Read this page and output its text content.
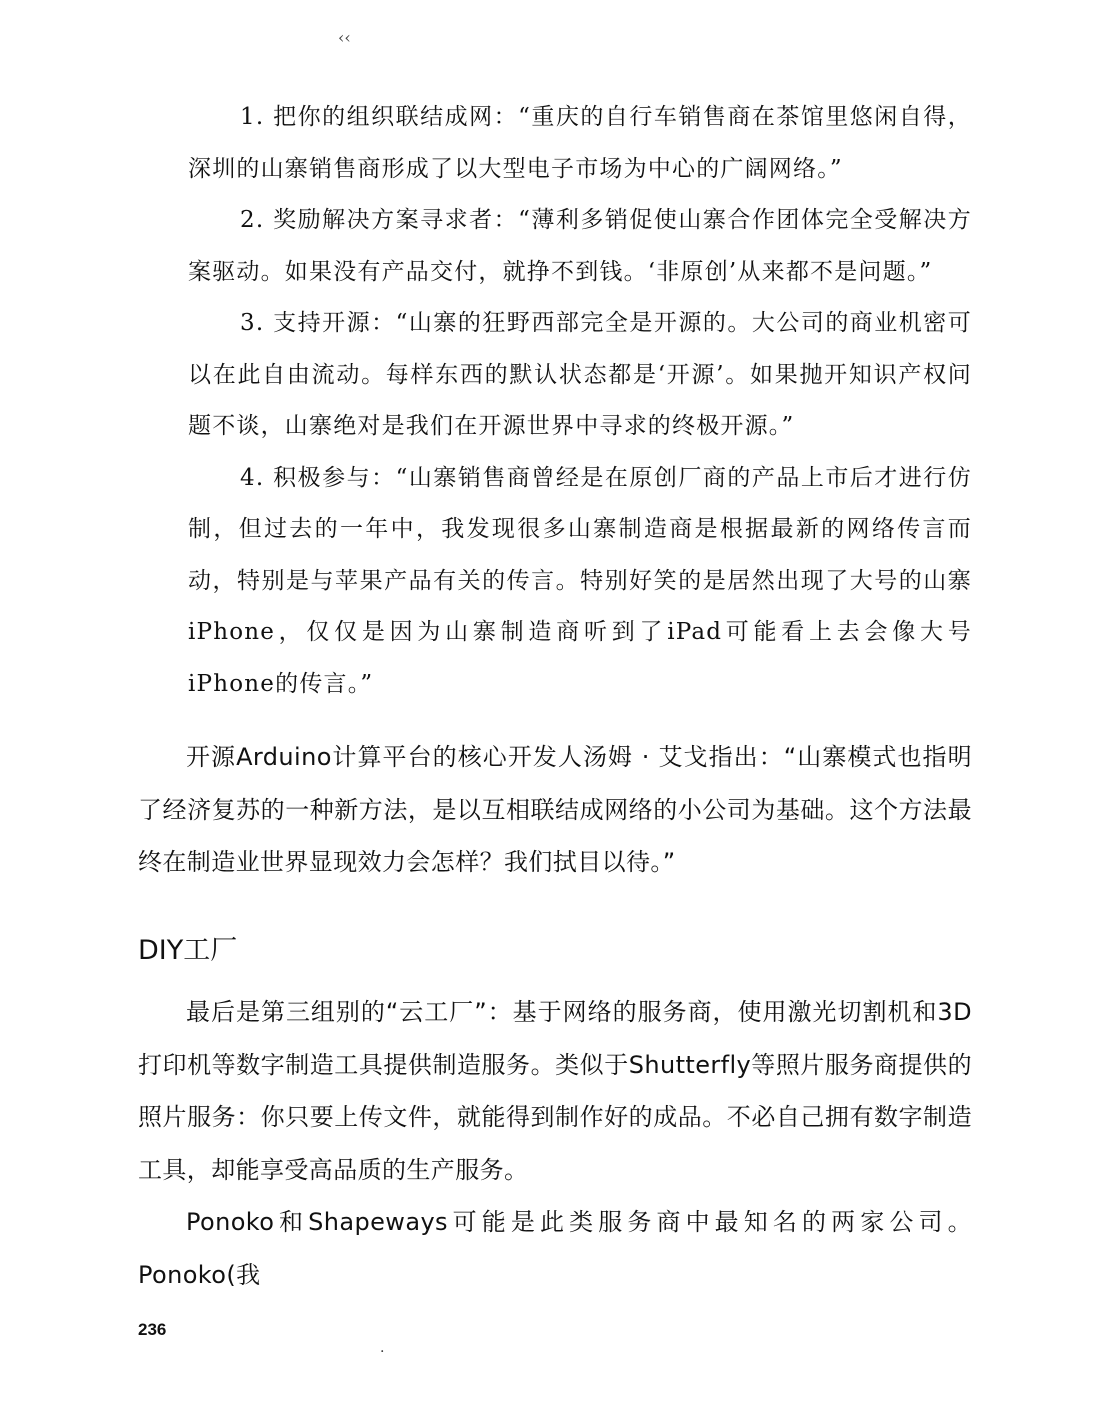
‹‹

1. 把你的组织联结成网：“重庆的自行车销售商在茶馆里悠闲自得，深圳的山寨销售商形成了以大型电子市场为中心的广阔网络。”

2. 奖励解决方案寻求者：“薄利多销促使山寨合作团体完全受解决方案驱动。如果没有产品交付，就挣不到钱。‘非原创’从来都不是问题。”

3. 支持开源：“山寨的狂野西部完全是开源的。大公司的商业机密可以在此自由流动。每样东西的默认状态都是‘开源’。如果抛开知识产权问题不谈，山寨绝对是我们在开源世界中寻求的终极开源。”

4. 积极参与：“山寨销售商曾经是在原创厂商的产品上市后才进行仿制，但过去的一年中，我发现很多山寨制造商是根据最新的网络传言而动，特别是与苹果产品有关的传言。特别好笑的是居然出现了大号的山寨iPhone，仅仅是因为山寨制造商听到了iPad可能看上去会像大号iPhone的传言。”

开源Arduino计算平台的核心开发人汤姆 · 艾戈指出：“山寨模式也指明了经济复苏的一种新方法，是以互相联结成网络的小公司为基础。这个方法最终在制造业世界显现效力会怎样？我们拭目以待。”

DIY工厂

最后是第三组别的“云工厂”：基于网络的服务商，使用激光切割机和3D打印机等数字制造工具提供制造服务。类似于Shutterfly等照片服务商提供的照片服务：你只要上传文件，就能得到制作好的成品。不必自己拥有数字制造工具，却能享受高品质的生产服务。

Ponoko和Shapeways可能是此类服务商中最知名的两家公司。Ponoko(我

236
.
